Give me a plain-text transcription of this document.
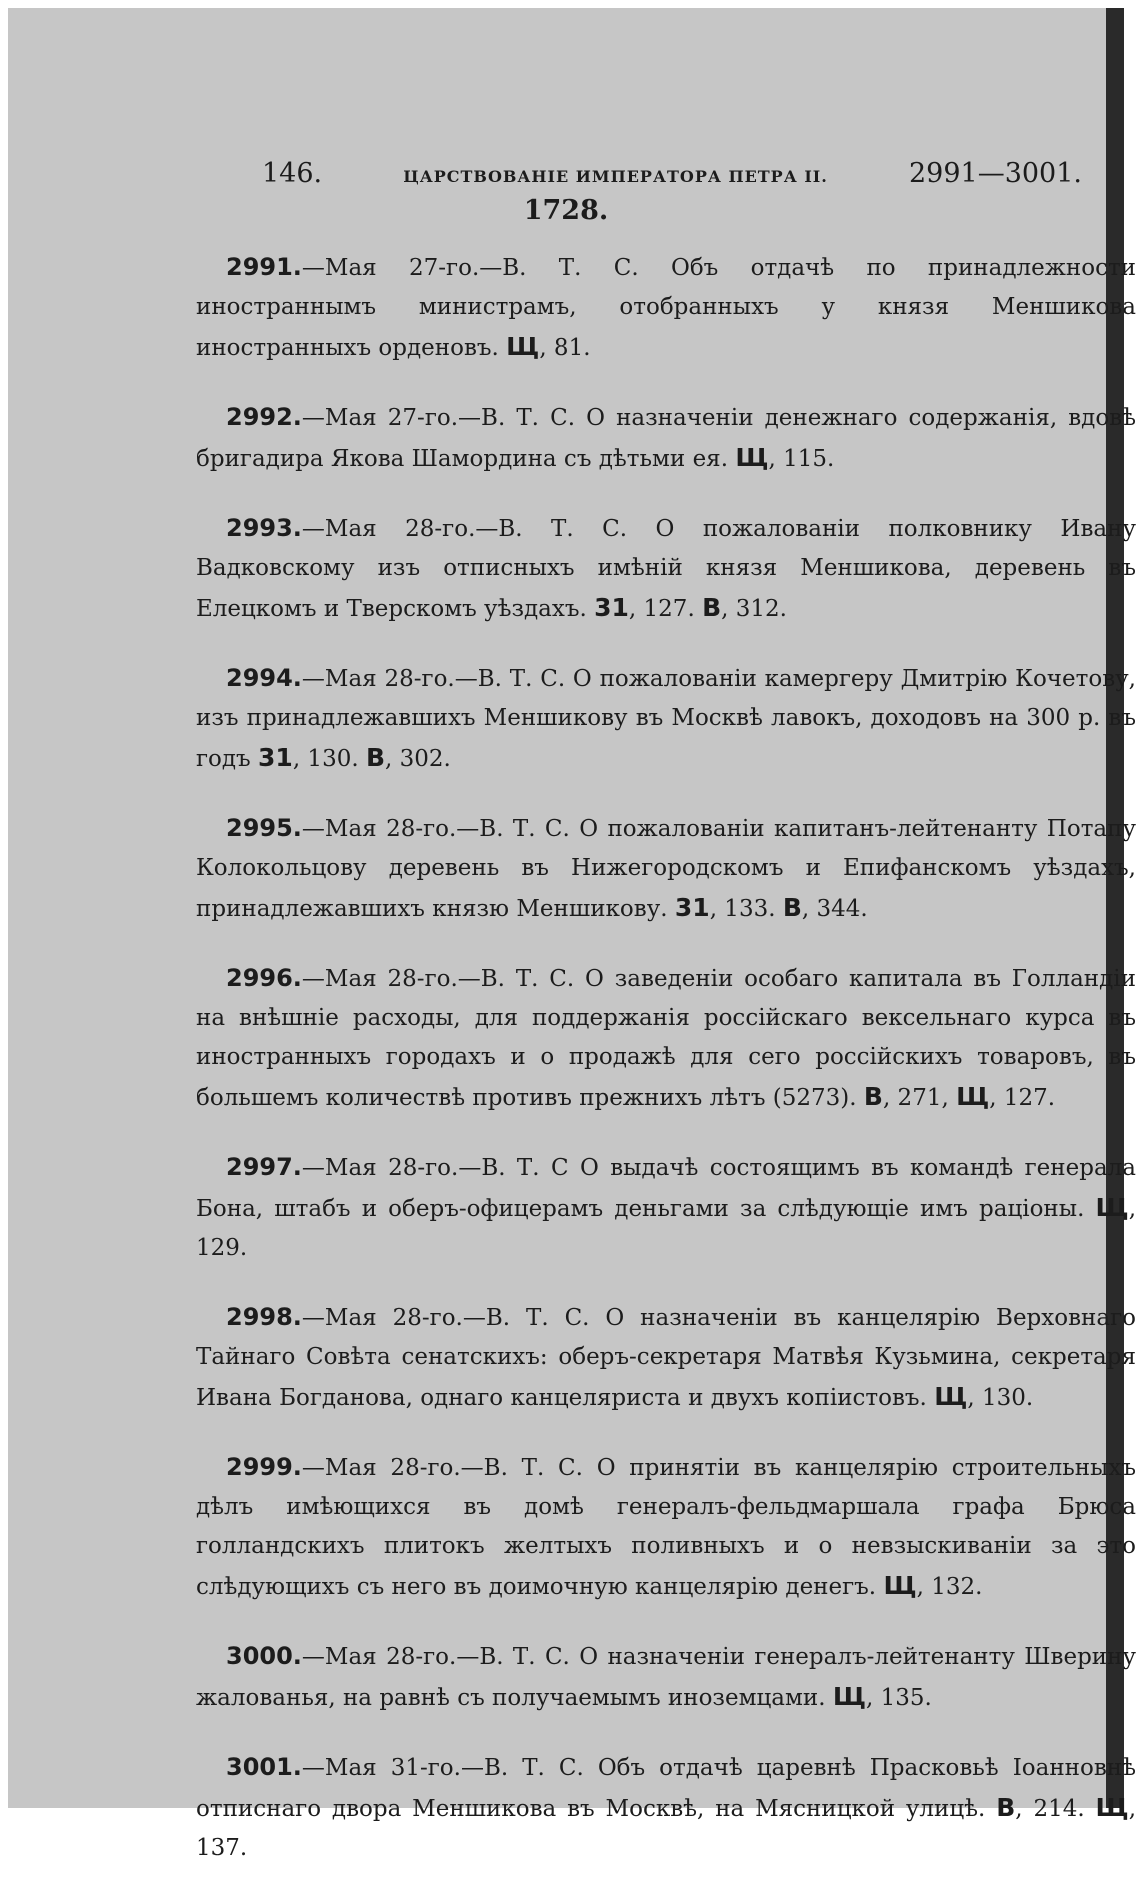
146.	ЦАРСТВОВАНІЕ ИМПЕРАТОРА ПЕТРА II.	2991—3001.
1728.

2991.—Мая 27-го.—В. Т. С. Объ отдачѣ по принадлежности иностраннымъ министрамъ, отобранныхъ у князя Меншикова иностранныхъ орденовъ. Щ, 81.

2992.—Мая 27-го.—В. Т. С. О назначеніи денежнаго содержанія, вдовѣ бригадира Якова Шамордина съ дѣтьми ея. Щ, 115.

2993.—Мая 28-го.—В. Т. С. О пожалованіи полковнику Ивану Вадковскому изъ отписныхъ имѣній князя Меншикова, деревень въ Елецкомъ и Тверскомъ уѣздахъ. 31, 127. В, 312.

2994.—Мая 28-го.—В. Т. С. О пожалованіи камергеру Дмитрію Кочетову, изъ принадлежавшихъ Меншикову въ Москвѣ лавокъ, доходовъ на 300 р. въ годъ 31, 130. В, 302.

2995.—Мая 28-го.—В. Т. С. О пожалованіи капитанъ-лейтенанту Потапу Колокольцову деревень въ Нижегородскомъ и Епифанскомъ уѣздахъ, принадлежавшихъ князю Меншикову. 31, 133. В, 344.

2996.—Мая 28-го.—В. Т. С. О заведеніи особаго капитала въ Голландіи на внѣшніе расходы, для поддержанія россійскаго вексельнаго курса въ иностранныхъ городахъ и о продажѣ для сего россійскихъ товаровъ, въ большемъ количествѣ противъ прежнихъ лѣтъ (5273). В, 271, Щ, 127.

2997.—Мая 28-го.—В. Т. С О выдачѣ состоящимъ въ командѣ генерала Бона, штабъ и оберъ-офицерамъ деньгами за слѣдующіе имъ раціоны. Щ, 129.

2998.—Мая 28-го.—В. Т. С. О назначеніи въ канцелярію Верховнаго Тайнаго Совѣта сенатскихъ: оберъ-секретаря Матвѣя Кузьмина, секретаря Ивана Богданова, однаго канцеляриста и двухъ копіистовъ. Щ, 130.

2999.—Мая 28-го.—В. Т. С. О принятіи въ канцелярію строительныхъ дѣлъ имѣющихся въ домѣ генералъ-фельдмаршала графа Брюса голландскихъ плитокъ желтыхъ поливныхъ и о невзыскиваніи за это слѣдующихъ съ него въ доимочную канцелярію денегъ. Щ, 132.

3000.—Мая 28-го.—В. Т. С. О назначеніи генералъ-лейтенанту Шверину жалованья, на равнѣ съ получаемымъ иноземцами. Щ, 135.

3001.—Мая 31-го.—В. Т. С. Объ отдачѣ царевнѣ Прасковьѣ Іоанновнѣ отписнаго двора Меншикова въ Москвѣ, на Мясницкой улицѣ. В, 214. Щ, 137.
